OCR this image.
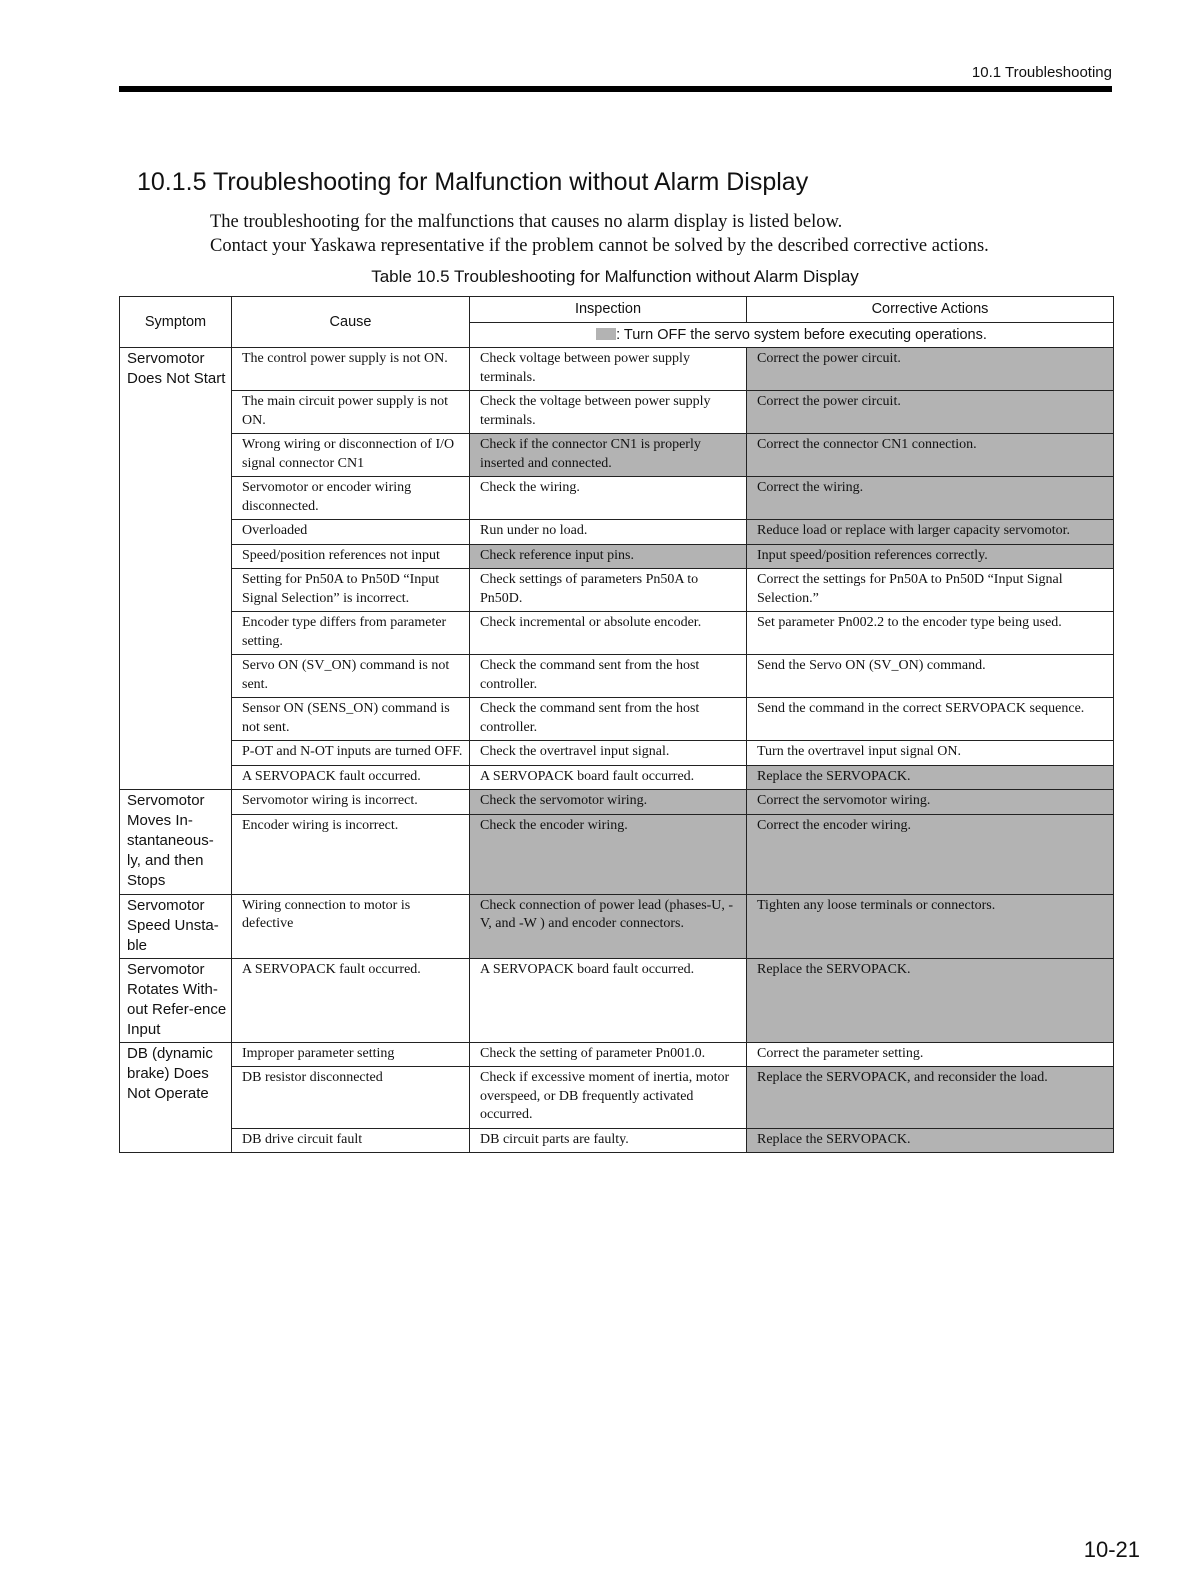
10.1 Troubleshooting
10.1.5 Troubleshooting for Malfunction without Alarm Display
The troubleshooting for the malfunctions that causes no alarm display is listed below.
Contact your Yaskawa representative if the problem cannot be solved by the described corrective actions.
Table 10.5 Troubleshooting for Malfunction without Alarm Display
Symptom	Cause	Inspection	Corrective Actions
		: Turn OFF the servo system before executing operations.	
Servomotor Does Not Start	The control power supply is not ON.	Check voltage between power supply terminals.	Correct the power circuit.
	The main circuit power supply is not ON.	Check the voltage between power supply terminals.	Correct the power circuit.
	Wrong wiring or disconnection of I/O signal connector CN1	Check if the connector CN1 is properly inserted and connected.	Correct the connector CN1 connection.
	Servomotor or encoder wiring disconnected.	Check the wiring.	Correct the wiring.
	Overloaded	Run under no load.	Reduce load or replace with larger capacity servomotor.
	Speed/position references not input	Check reference input pins.	Input speed/position references correctly.
	Setting for Pn50A to Pn50D “Input Signal Selection” is incorrect.	Check settings of parameters Pn50A to Pn50D.	Correct the settings for Pn50A to Pn50D “Input Signal Selection.”
	Encoder type differs from parameter setting.	Check incremental or absolute encoder.	Set parameter Pn002.2 to the encoder type being used.
	Servo ON (SV_ON) command is not sent.	Check the command sent from the host controller.	Send the Servo ON (SV_ON) command.
	Sensor ON (SENS_ON) command is not sent.	Check the command sent from the host controller.	Send the command in the correct SERVOPACK sequence.
	P-OT and N-OT inputs are turned OFF.	Check the overtravel input signal.	Turn the overtravel input signal ON.
	A SERVOPACK fault occurred.	A SERVOPACK board fault occurred.	Replace the SERVOPACK.
Servomotor Moves In-stantaneous-ly, and then Stops	Servomotor wiring is incorrect.	Check the servomotor wiring.	Correct the servomotor wiring.
	Encoder wiring is incorrect.	Check the encoder wiring.	Correct the encoder wiring.
Servomotor Speed Unsta-ble	Wiring connection to motor is defective	Check connection of power lead (phases-U, -V, and -W ) and encoder connectors.	Tighten any loose terminals or connectors.
Servomotor Rotates With-out Refer-ence Input	A SERVOPACK fault occurred.	A SERVOPACK board fault occurred.	Replace the SERVOPACK.
DB (dynamic brake) Does Not Operate	Improper parameter setting	Check the setting of parameter Pn001.0.	Correct the parameter setting.
	DB resistor disconnected	Check if excessive moment of inertia, motor overspeed, or DB frequently activated occurred.	Replace the SERVOPACK, and reconsider the load.
	DB drive circuit fault	DB circuit parts are faulty.	Replace the SERVOPACK.
10-21
